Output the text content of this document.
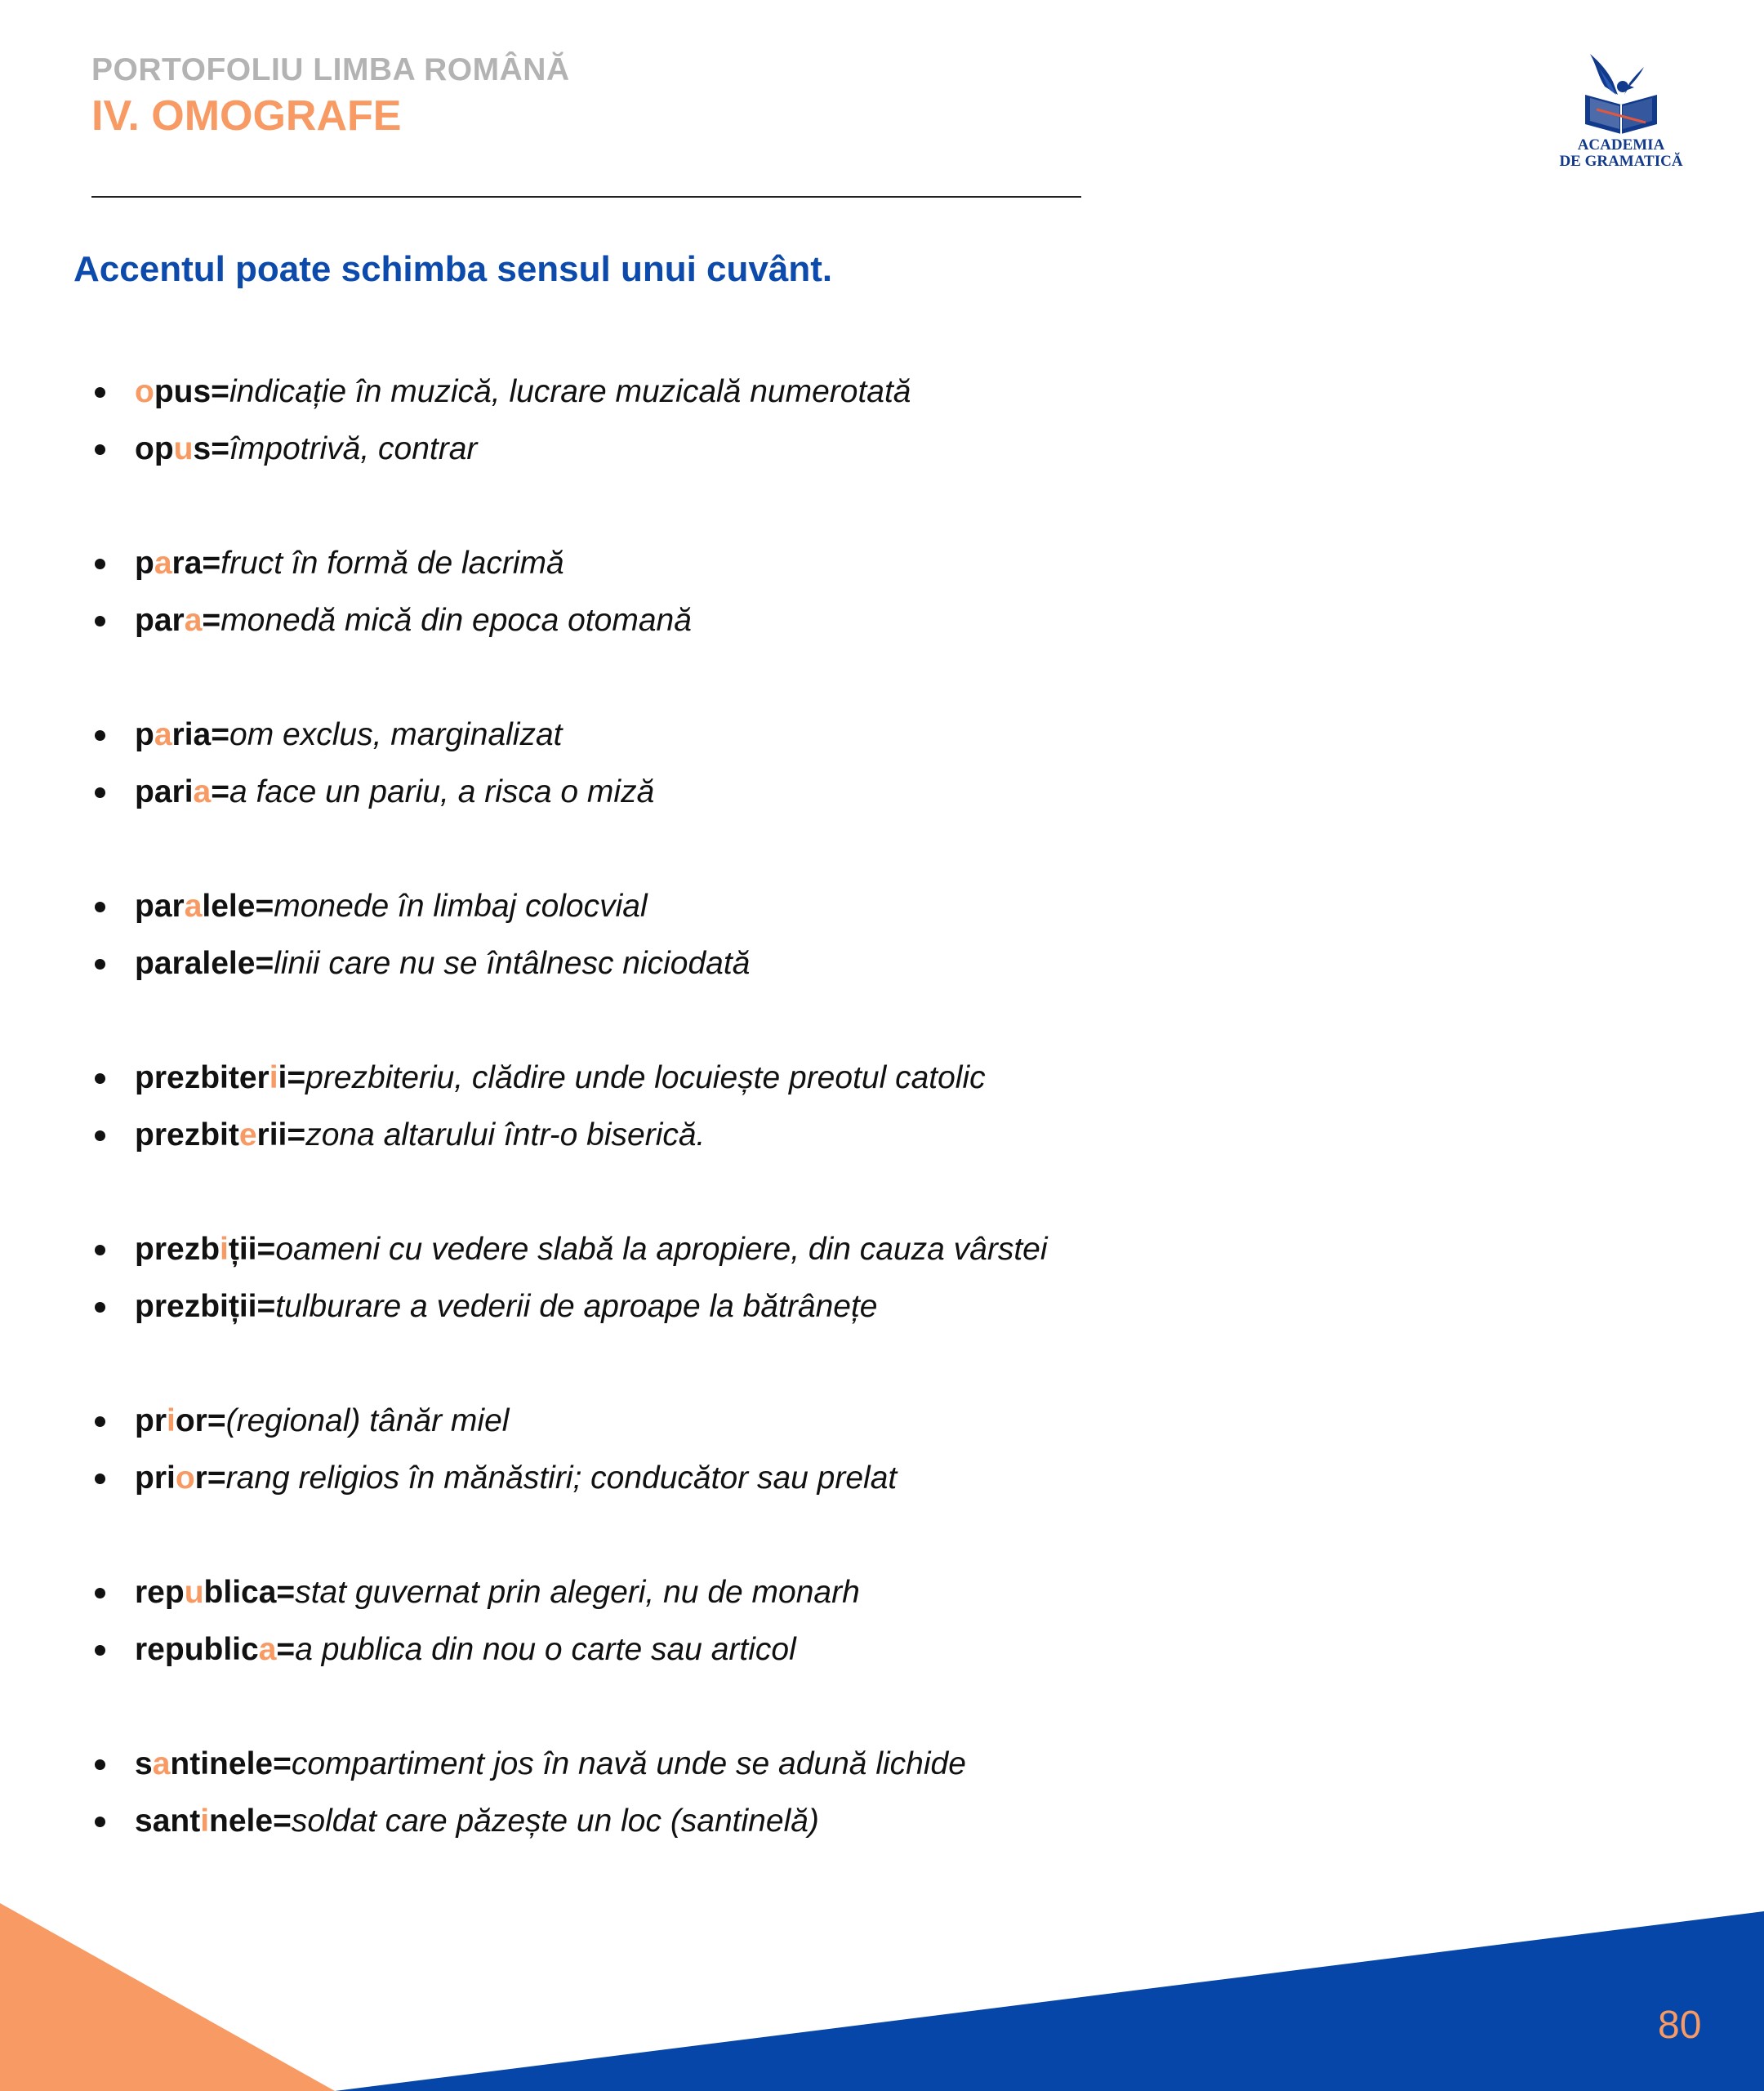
PORTOFOLIU LIMBA ROMÂNĂ
IV. OMOGRAFE
ACADEMIA
DE GRAMATICĂ
Accentul poate schimba sensul unui cuvânt.
opus = indicație în muzică, lucrare muzicală numerotată
opus = împotrivă, contrar
para = fruct în formă de lacrimă
para = monedă mică din epoca otomană
paria = om exclus, marginalizat
paria = a face un pariu, a risca o miză
paralele = monede în limbaj colocvial
paralele = linii care nu se întâlnesc niciodată
prezbiterii = prezbiteriu, clădire unde locuiește preotul catolic
prezbiterii = zona altarului într-o biserică.
prezbiții = oameni cu vedere slabă la apropiere, din cauza vârstei
prezbiții = tulburare a vederii de aproape la bătrânețe
prior = (regional) tânăr miel
prior = rang religios în mănăstiri; conducător sau prelat
republica = stat guvernat prin alegeri, nu de monarh
republica = a publica din nou o carte sau articol
santinele = compartiment jos în navă unde se adună lichide
santinele = soldat care păzește un loc (santinelă)
80
